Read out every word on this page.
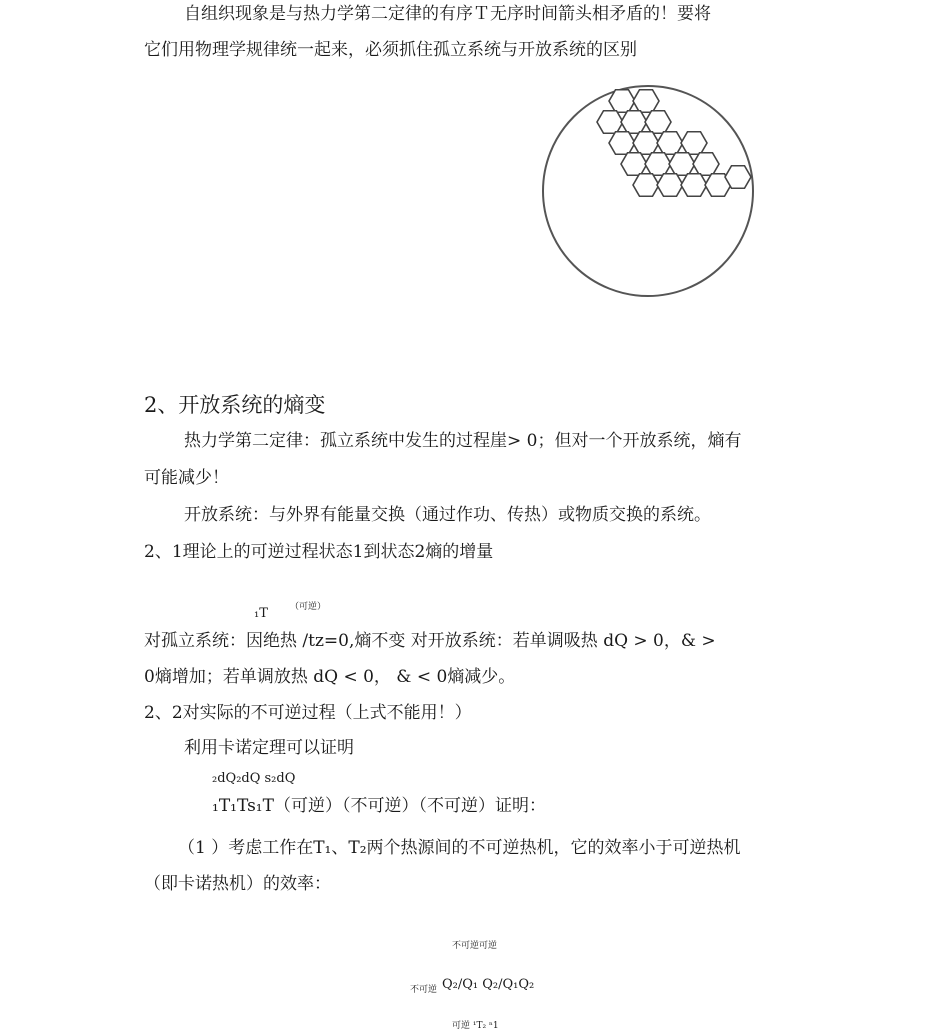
自组织现象是与热力学第二定律的有序Ｔ无序时间箭头相矛盾的！要将
它们用物理学规律统一起来，必须抓住孤立系统与开放系统的区别
2、开放系统的熵变
热力学第二定律：孤立系统中发生的过程崖> 0；但对一个开放系统，熵有
可能减少！
开放系统：与外界有能量交换（通过作功、传热）或物质交换的系统。
2、1理论上的可逆过程状态1到状态2熵的增量
₁T （可逆）
对孤立系统：因绝热 /tz=0,熵不变 对开放系统：若单调吸热 dQ > 0，& >
0熵增加；若单调放热 dQ < 0， & < 0熵减少。
2、2对实际的不可逆过程（上式不能用！）
利用卡诺定理可以证明
₂dQ₂dQ s₂dQ
₁T₁Ts₁T（可逆）（不可逆）（不可逆）证明：
（1 ）考虑工作在T₁、T₂两个热源间的不可逆热机，它的效率小于可逆热机
（即卡诺热机）的效率：
不可逆可逆
不可逆 Q₂/Q₁ Q₂/Q₁Q₂
可逆 ¹T₂ ⁿ1
